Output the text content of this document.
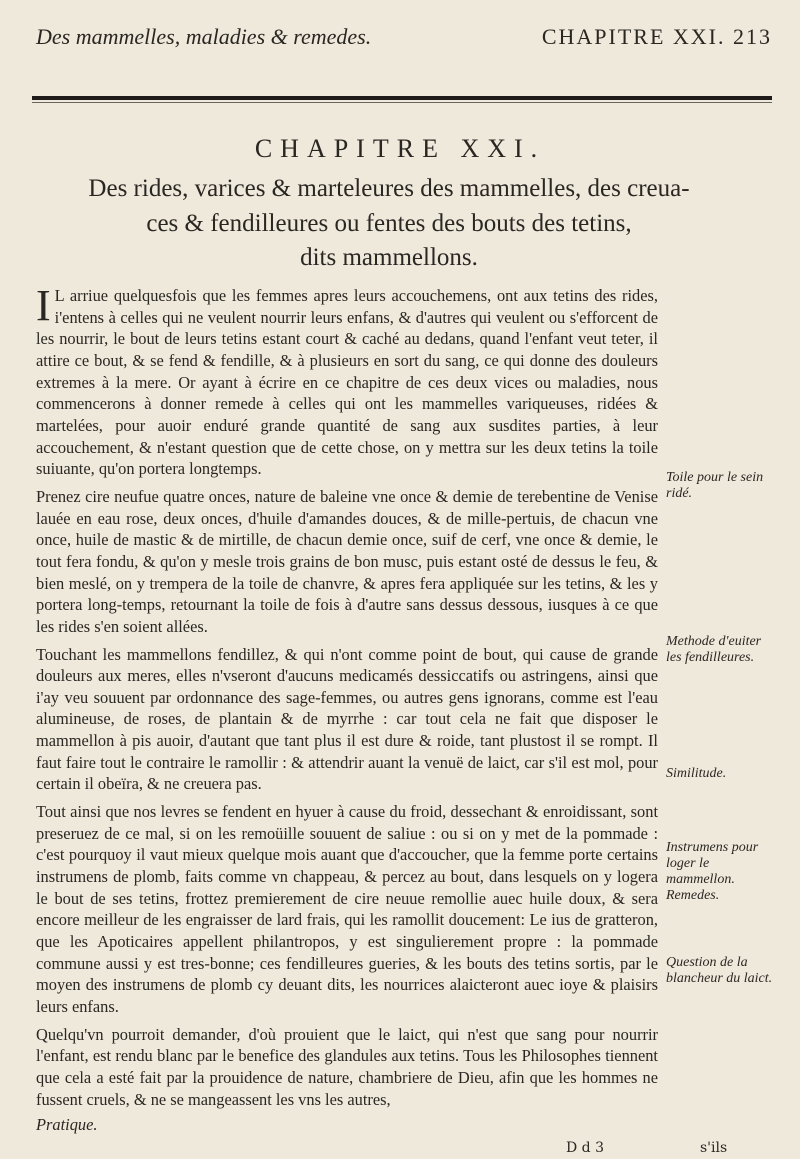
Des mammelles, maladies & remedes.	CHAPITRE XXI. 213
CHAPITRE XXI.
Des rides, varices & marteleures des mammelles, des creua-
ces & fendilleures ou fentes des bouts des tetins,
dits mammellons.

I L arriue quelquesfois que les femmes apres leurs accouchemens, ont aux tetins des rides, i'entens à celles qui ne veulent nourrir leurs enfans, & d'autres qui veulent ou s'efforcent de les nourrir, le bout de leurs tetins estant court & caché au dedans, quand l'enfant veut teter, il attire ce bout, & se fend & fendille, & à plusieurs en sort du sang, ce qui donne des douleurs extremes à la mere. Or ayant à écrire en ce chapitre de ces deux vices ou maladies, nous commencerons à donner remede à celles qui ont les mammelles variqueuses, ridées & martelées, pour auoir enduré grande quantité de sang aux susdites parties, à leur accouchement, & n'estant question que de cette chose, on y mettra sur les deux tetins la toile suiuante, qu'on portera longtemps.

Prenez cire neufue quatre onces, nature de baleine vne once & demie de terebentine de Venise lauée en eau rose, deux onces, d'huile d'amandes douces, & de mille-pertuis, de chacun vne once, huile de mastic & de mirtille, de chacun demie once, suif de cerf, vne once & demie, le tout fera fondu, & qu'on y mesle trois grains de bon musc, puis estant osté de dessus le feu, & bien meslé, on y trempera de la toile de chanvre, & apres fera appliquée sur les tetins, & les y portera long-temps, retournant la toile de fois à d'autre sans dessus dessous, iusques à ce que les rides s'en soient allées.

Touchant les mammellons fendillez, & qui n'ont comme point de bout, qui cause de grande douleurs aux meres, elles n'vseront d'aucuns medicamés dessiccatifs ou astringens, ainsi que i'ay veu souuent par ordonnance des sage-femmes, ou autres gens ignorans, comme est l'eau alumineuse, de roses, de plantain & de myrrhe : car tout cela ne fait que disposer le mammellon à pis auoir, d'autant que tant plus il est dure & roide, tant plustost il se rompt. Il faut faire tout le contraire le ramollir : & attendrir auant la venuë de laict, car s'il est mol, pour certain il obeïra, & ne creuera pas.

Tout ainsi que nos levres se fendent en hyuer à cause du froid, dessechant & enroidissant, sont preseruez de ce mal, si on les remoüille souuent de saliue : ou si on y met de la pommade : c'est pourquoy il vaut mieux quelque mois auant que d'accoucher, que la femme porte certains instrumens de plomb, faits comme vn chappeau, & percez au bout, dans lesquels on y logera le bout de ses tetins, frottez premierement de cire neuue remollie auec huile doux, & sera encore meilleur de les engraisser de lard frais, qui les ramollit doucement: Le ius de gratteron, que les Apoticaires appellent philantropos, y est singulierement propre : la pommade commune aussi y est tres-bonne; ces fendilleures gueries, & les bouts des tetins sortis, par le moyen des instrumens de plomb cy deuant dits, les nourrices alaicteront auec ioye & plaisirs leurs enfans.

Quelqu'vn pourroit demander, d'où prouient que le laict, qui n'est que sang pour nourrir l'enfant, est rendu blanc par le benefice des glandules aux tetins. Tous les Philosophes tiennent que cela a esté fait par la prouidence de nature, chambriere de Dieu, afin que les hommes ne fussent cruels, & ne se mangeassent les vns les autres,

Pratique.

Toile pour le sein ridé.
Methode d'euiter les fendilleures.
Similitude.
Instrumens pour loger le mammellon. Remedes.
Question de la blancheur du laict.
D d 3	s'ils
